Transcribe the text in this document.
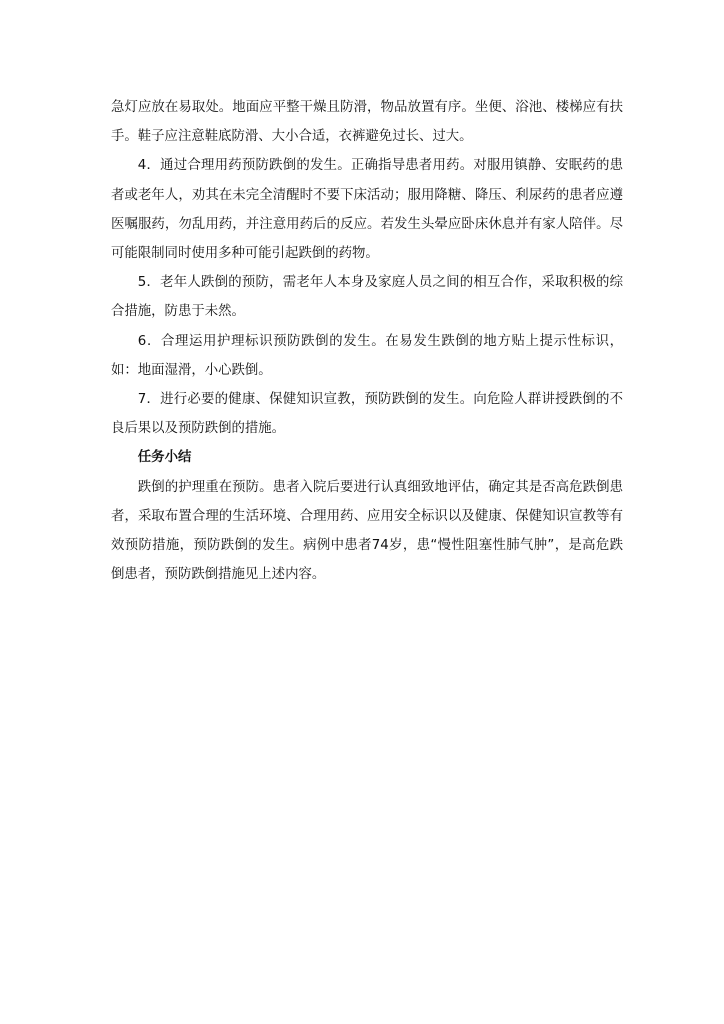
急灯应放在易取处。地面应平整干燥且防滑，物品放置有序。坐便、浴池、楼梯应有扶手。鞋子应注意鞋底防滑、大小合适，衣裤避免过长、过大。

4．通过合理用药预防跌倒的发生。正确指导患者用药。对服用镇静、安眠药的患者或老年人，劝其在未完全清醒时不要下床活动；服用降糖、降压、利尿药的患者应遵医嘱服药，勿乱用药，并注意用药后的反应。若发生头晕应卧床休息并有家人陪伴。尽可能限制同时使用多种可能引起跌倒的药物。

5．老年人跌倒的预防，需老年人本身及家庭人员之间的相互合作，采取积极的综合措施，防患于未然。

6．合理运用护理标识预防跌倒的发生。在易发生跌倒的地方贴上提示性标识，如：地面湿滑，小心跌倒。

7．进行必要的健康、保健知识宣教，预防跌倒的发生。向危险人群讲授跌倒的不良后果以及预防跌倒的措施。

任务小结

跌倒的护理重在预防。患者入院后要进行认真细致地评估，确定其是否高危跌倒患者，采取布置合理的生活环境、合理用药、应用安全标识以及健康、保健知识宣教等有效预防措施，预防跌倒的发生。病例中患者74岁，患“慢性阻塞性肺气肿”，是高危跌倒患者，预防跌倒措施见上述内容。
